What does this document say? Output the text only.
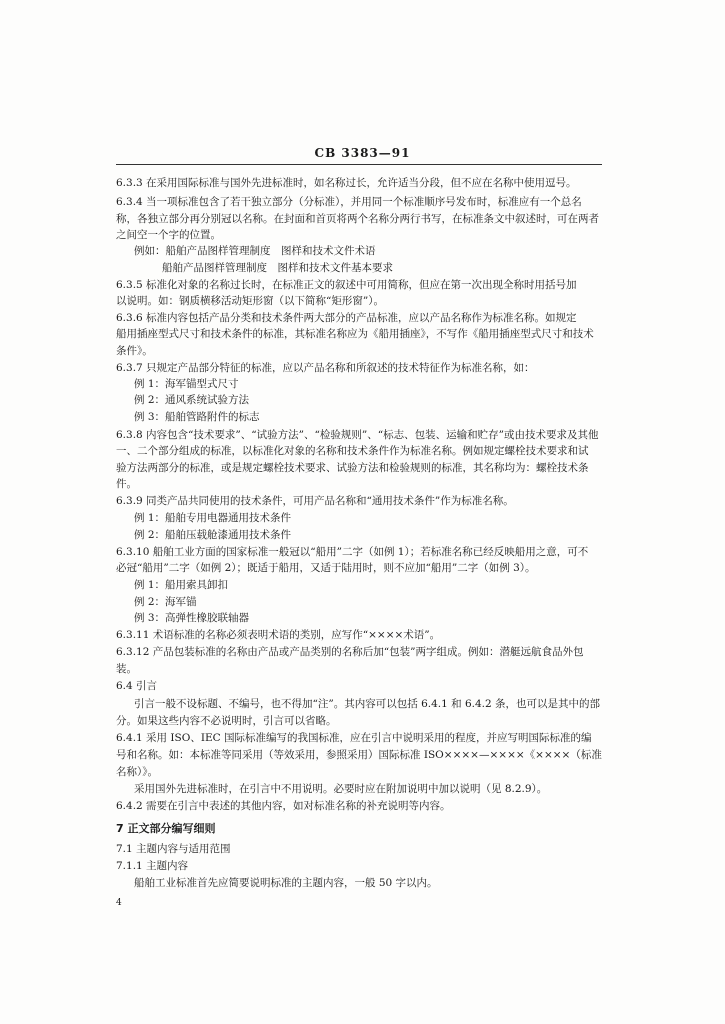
CB 3383—91
6.3.3 在采用国际标准与国外先进标准时，如名称过长，允许适当分段，但不应在名称中使用逗号。
6.3.4 当一项标准包含了若干独立部分（分标准），并用同一个标准顺序号发布时，标准应有一个总名
称，各独立部分再分别冠以名称。在封面和首页将两个名称分两行书写，在标准条文中叙述时，可在两者
之间空一个字的位置。
例如：船舶产品图样管理制度　图样和技术文件术语
船舶产品图样管理制度　图样和技术文件基本要求
6.3.5 标准化对象的名称过长时，在标准正文的叙述中可用简称，但应在第一次出现全称时用括号加
以说明。如：钢质横移活动矩形窗（以下简称“矩形窗”）。
6.3.6 标准内容包括产品分类和技术条件两大部分的产品标准，应以产品名称作为标准名称。如规定
船用插座型式尺寸和技术条件的标准，其标准名称应为《船用插座》，不写作《船用插座型式尺寸和技术
条件》。
6.3.7 只规定产品部分特征的标准，应以产品名称和所叙述的技术特征作为标准名称，如：
例 1：海军锚型式尺寸
例 2：通风系统试验方法
例 3：船舶管路附件的标志
6.3.8 内容包含“技术要求”、“试验方法”、“检验规则”、“标志、包装、运输和贮存”或由技术要求及其他
一、二个部分组成的标准，以标准化对象的名称和技术条件作为标准名称。例如规定螺栓技术要求和试
验方法两部分的标准，或是规定螺栓技术要求、试验方法和检验规则的标准，其名称均为：螺栓技术条
件。
6.3.9 同类产品共同使用的技术条件，可用产品名称和“通用技术条件”作为标准名称。
例 1：船舶专用电器通用技术条件
例 2：船舶压载舱漆通用技术条件
6.3.10 船舶工业方面的国家标准一般冠以“船用”二字（如例 1）；若标准名称已经反映船用之意，可不
必冠“船用”二字（如例 2）；既适于船用，又适于陆用时，则不应加“船用”二字（如例 3）。
例 1：船用索具卸扣
例 2：海军锚
例 3：高弹性橡胶联轴器
6.3.11 术语标准的名称必须表明术语的类别，应写作“××××术语”。
6.3.12 产品包装标准的名称由产品或产品类别的名称后加“包装”两字组成。例如：潜艇远航食品外包
装。
6.4 引言
引言一般不设标题、不编号，也不得加“注”。其内容可以包括 6.4.1 和 6.4.2 条，也可以是其中的部
分。如果这些内容不必说明时，引言可以省略。
6.4.1 采用 ISO、IEC 国际标准编写的我国标准，应在引言中说明采用的程度，并应写明国际标准的编
号和名称。如：本标准等同采用（等效采用，参照采用）国际标准 ISO××××—××××《××××（标准
名称）》。
采用国外先进标准时，在引言中不用说明。必要时应在附加说明中加以说明（见 8.2.9）。
6.4.2 需要在引言中表述的其他内容，如对标准名称的补充说明等内容。
7 正文部分编写细则
7.1 主题内容与适用范围
7.1.1 主题内容
船舶工业标准首先应简要说明标准的主题内容，一般 50 字以内。
4
